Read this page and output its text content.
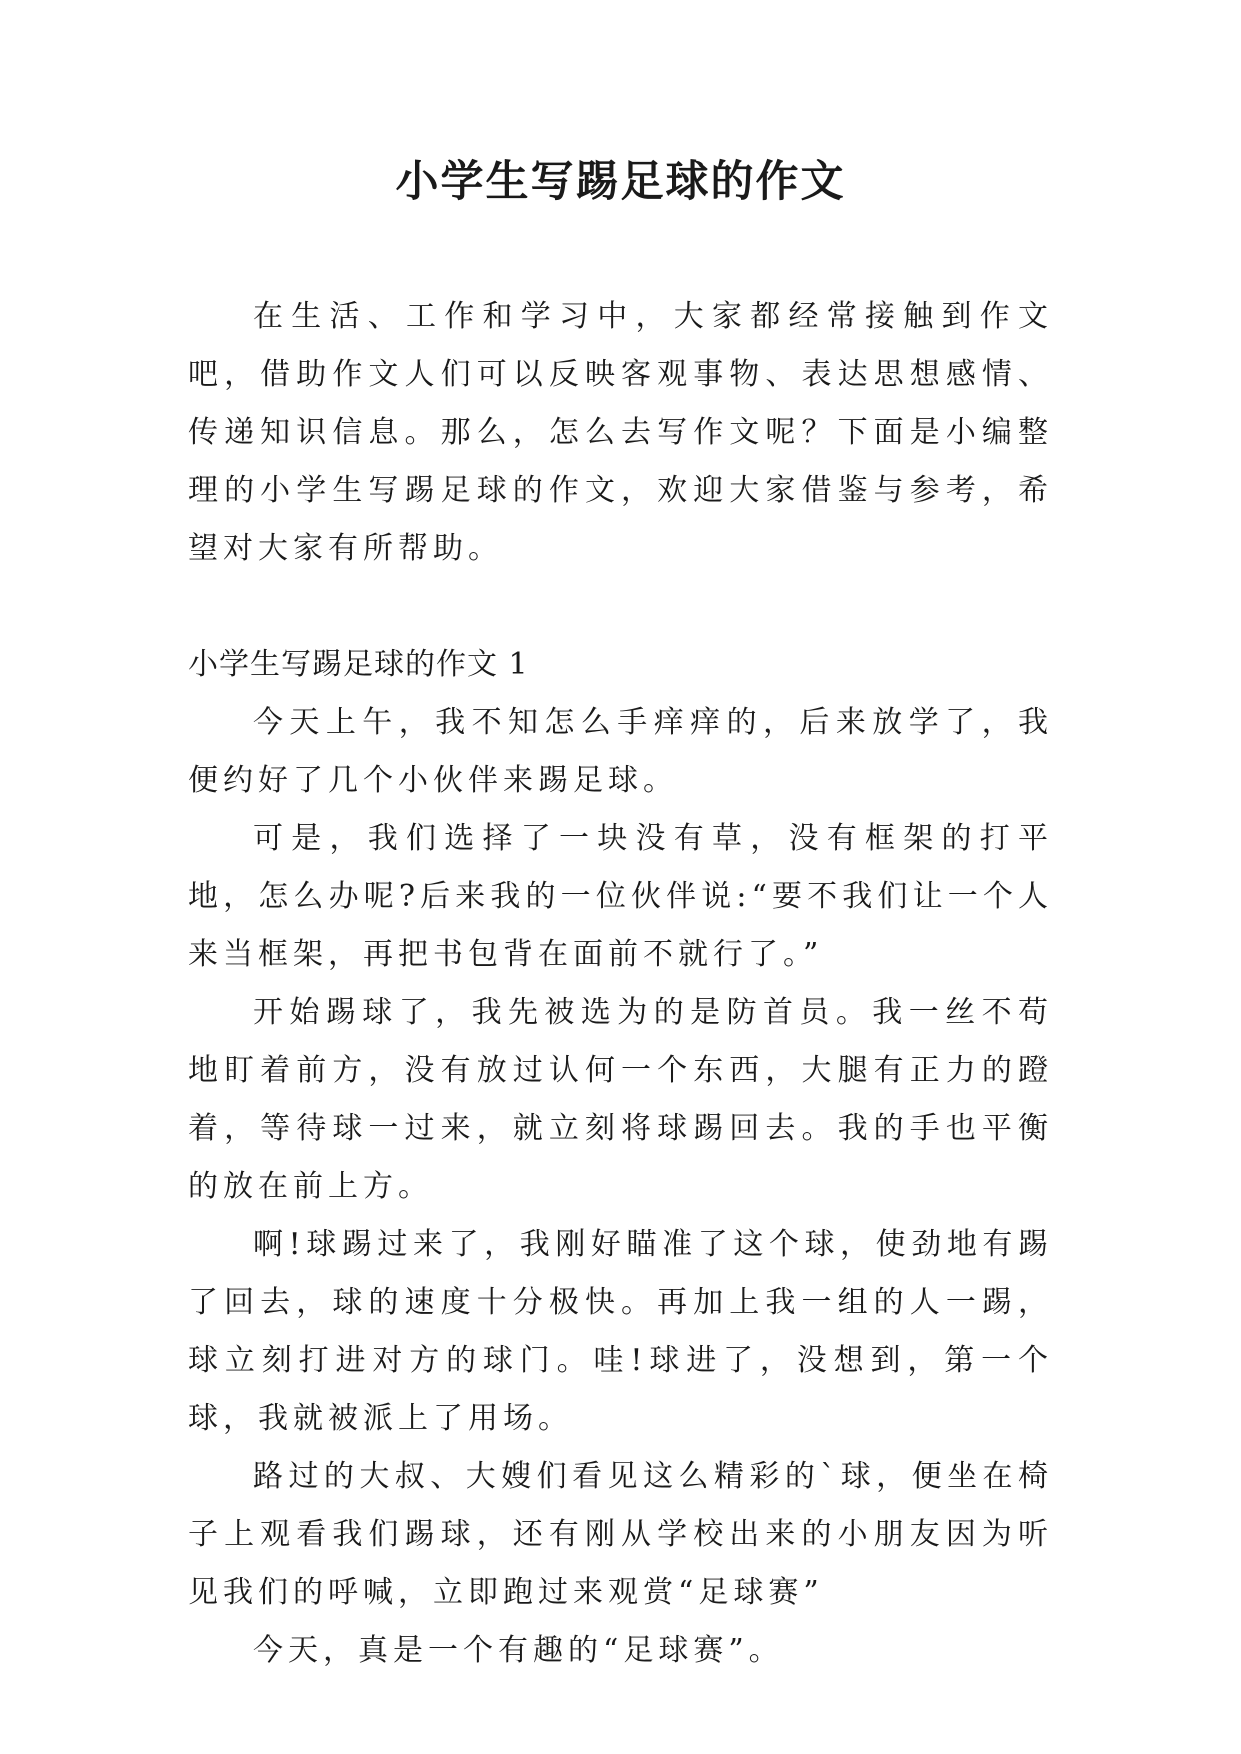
小学生写踢足球的作文

在生活、工作和学习中，大家都经常接触到作文吧，借助作文人们可以反映客观事物、表达思想感情、传递知识信息。那么，怎么去写作文呢？下面是小编整理的小学生写踢足球的作文，欢迎大家借鉴与参考，希望对大家有所帮助。

小学生写踢足球的作文 1

今天上午，我不知怎么手痒痒的，后来放学了，我便约好了几个小伙伴来踢足球。

可是，我们选择了一块没有草，没有框架的打平地，怎么办呢?后来我的一位伙伴说:“要不我们让一个人来当框架，再把书包背在面前不就行了。”

开始踢球了，我先被选为的是防首员。我一丝不苟地盯着前方，没有放过认何一个东西，大腿有正力的蹬着，等待球一过来，就立刻将球踢回去。我的手也平衡的放在前上方。

啊!球踢过来了，我刚好瞄准了这个球，使劲地有踢了回去，球的速度十分极快。再加上我一组的人一踢，球立刻打进对方的球门。哇!球进了，没想到，第一个球，我就被派上了用场。

路过的大叔、大嫂们看见这么精彩的`球，便坐在椅子上观看我们踢球，还有刚从学校出来的小朋友因为听见我们的呼喊，立即跑过来观赏“足球赛”

今天，真是一个有趣的“足球赛”。
